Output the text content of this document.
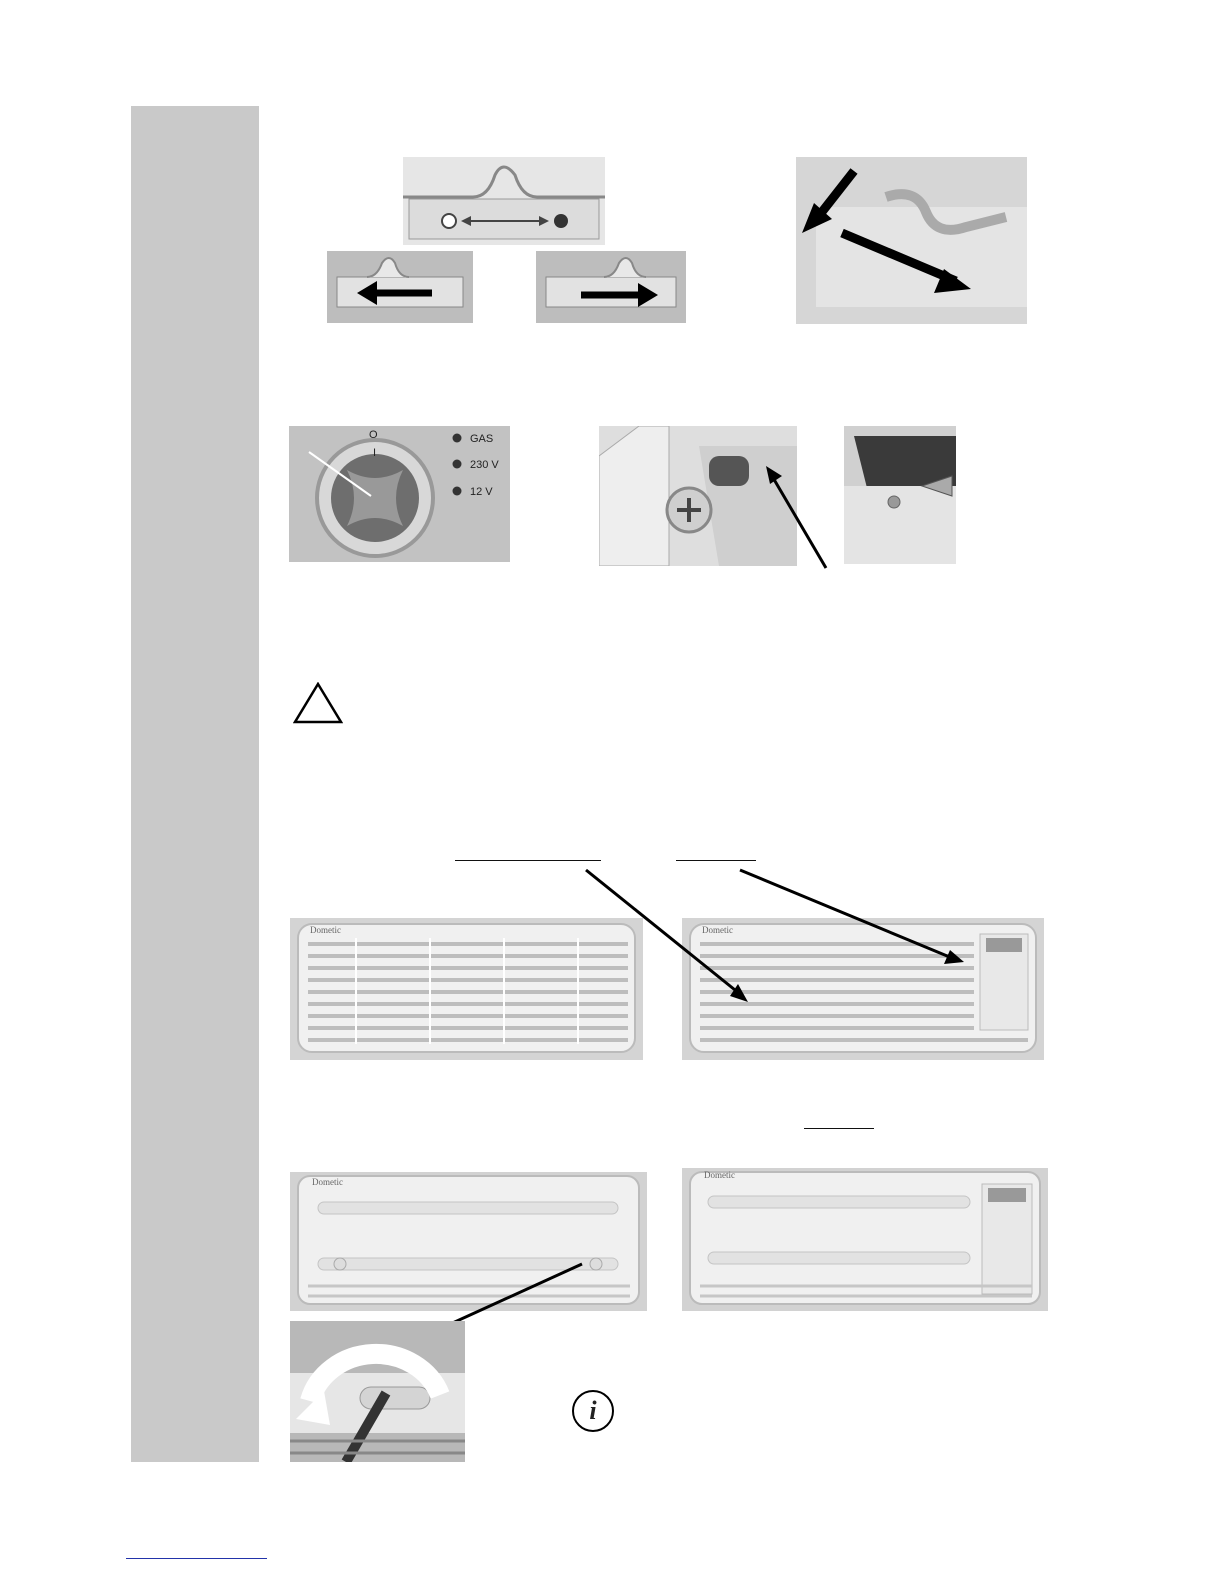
O
I
GAS
230 V
12 V
Dometic	Dometic
Dometic
Dometic
i
